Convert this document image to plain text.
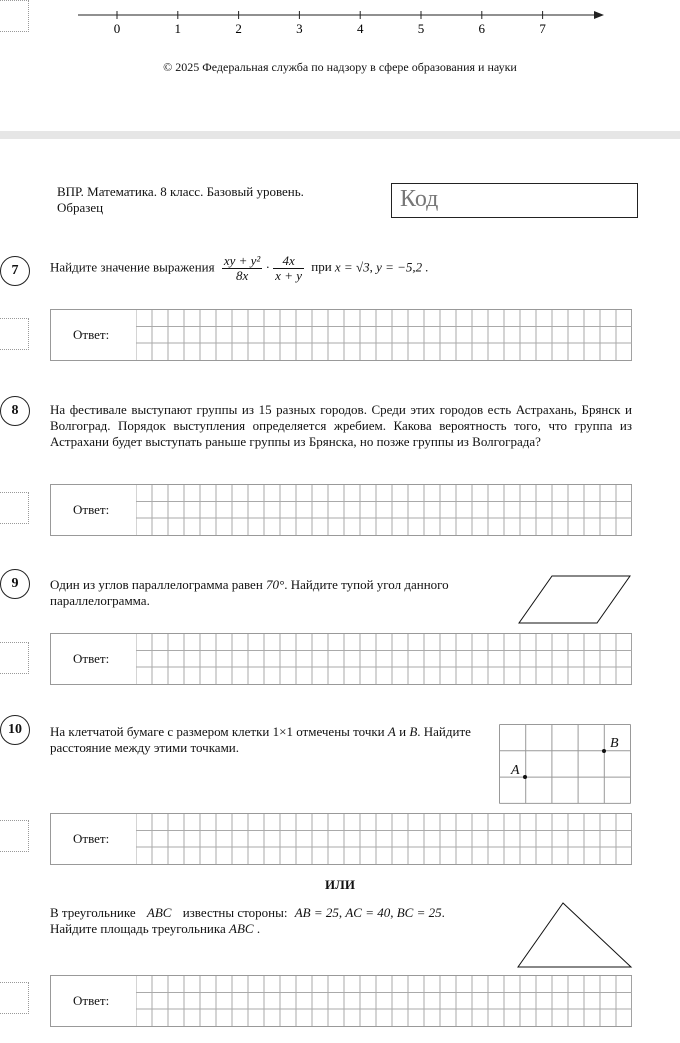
0	1	2	3	4	5	6	7
© 2025 Федеральная служба по надзору в сфере образования и науки
ВПР. Математика. 8 класс. Базовый уровень.
Образец	Код
7	Найдите значение выражения $\frac{\text{xy + y²}}{8x} \cdot \frac{4x}{x + y}$ при x = √3, y = −5,2 .
Ответ:
8	На фестивале выступают группы из 15 разных городов. Среди этих городов есть Астрахань, Брянск и Волгоград. Порядок выступления определяется жребием. Какова вероятность того, что группа из Астрахани будет выступать раньше группы из Брянска, но позже группы из Волгограда?
Ответ:
9	Один из углов параллелограмма равен 70°. Найдите тупой угол данного параллелограмма.
Ответ:
10	На клетчатой бумаге с размером клетки 1×1 отмечены точки A и B. Найдите расстояние между этими точками.
A
B
Ответ:
ИЛИ
В треугольнике ABC известны стороны: AB = 25, AC = 40, BC = 25.
Найдите площадь треугольника ABC .
Ответ:
